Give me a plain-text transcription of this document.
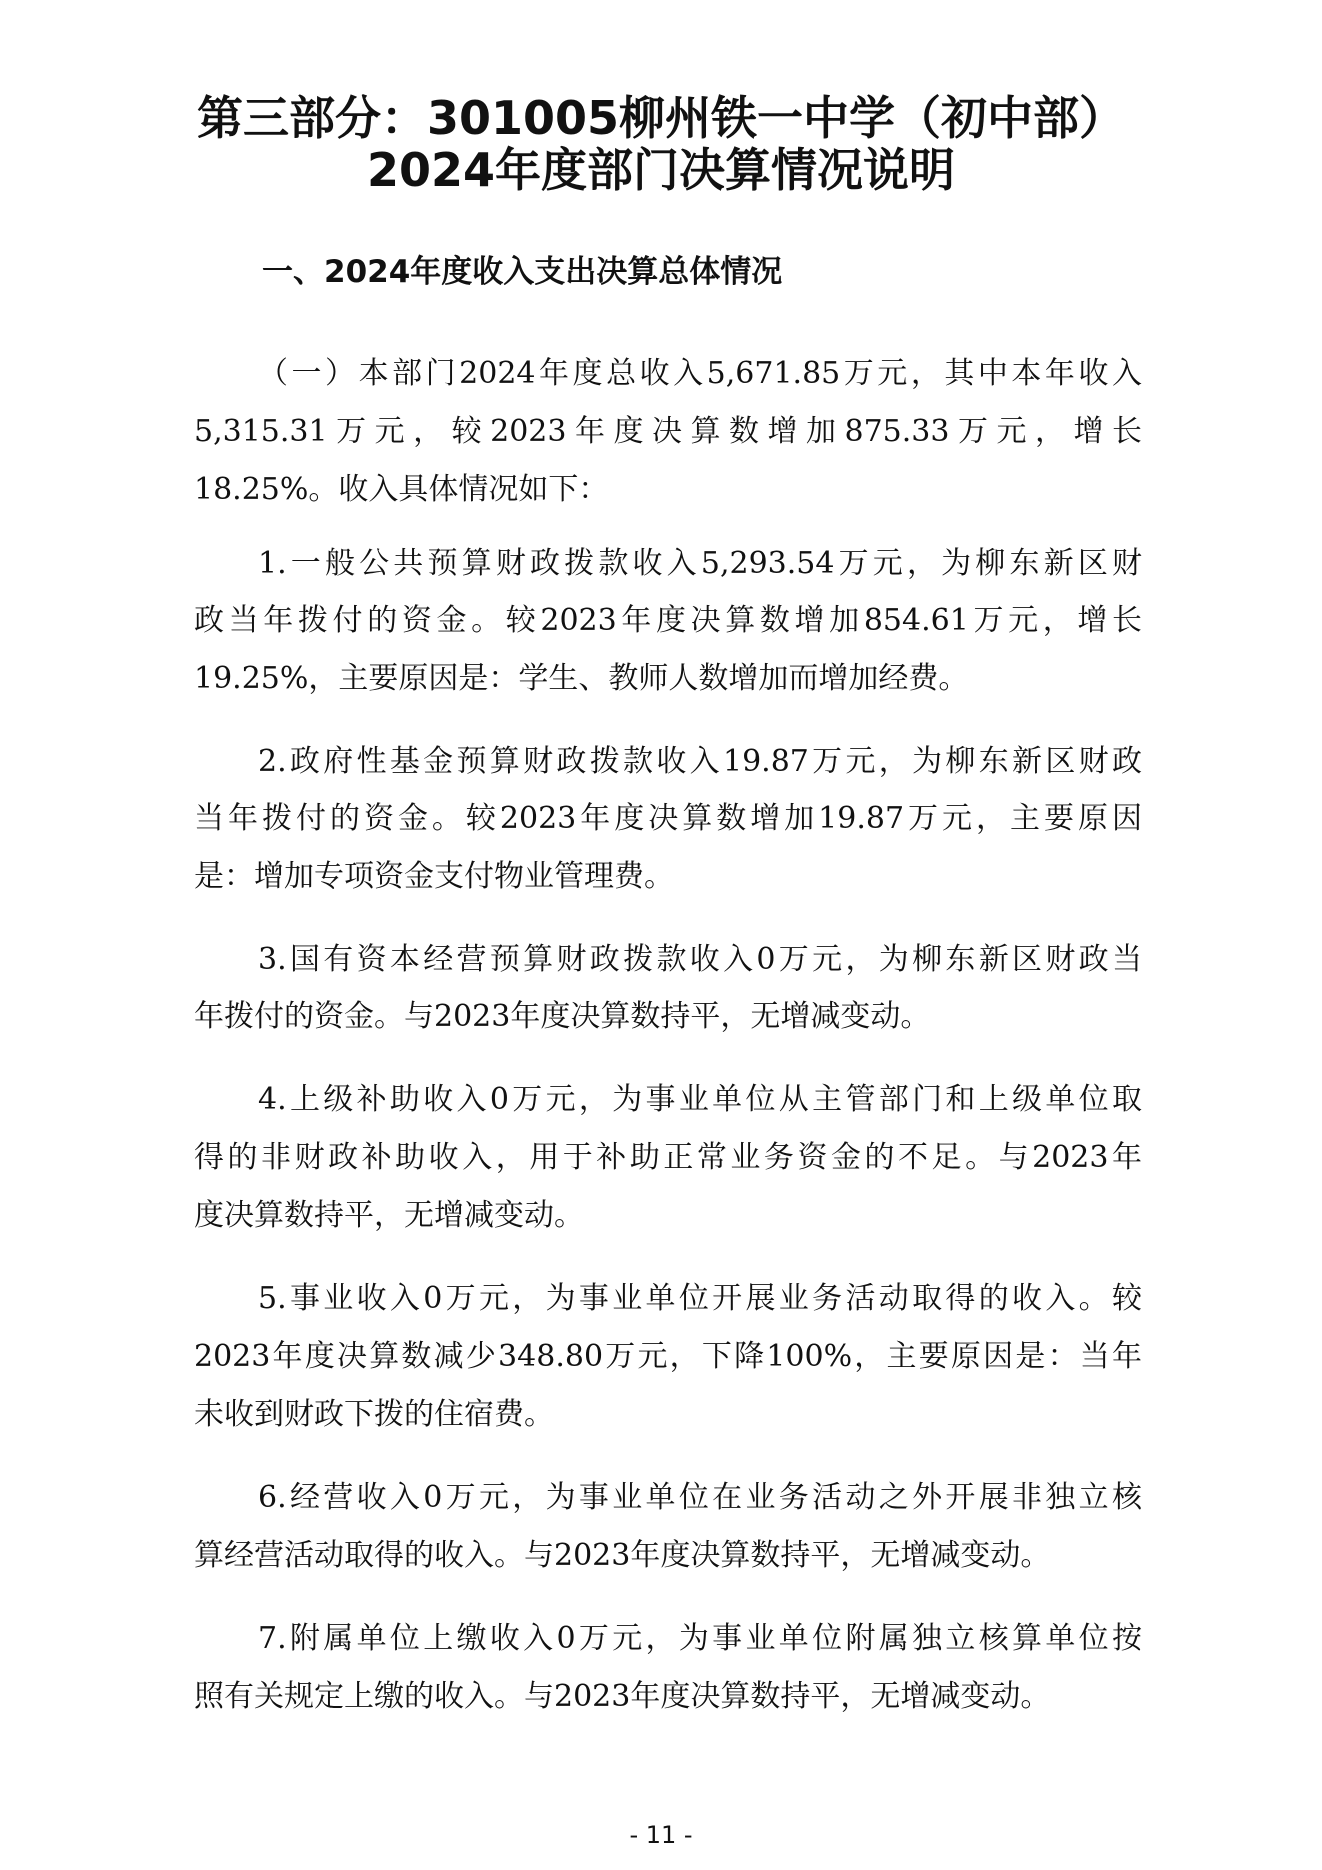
第三部分：301005柳州铁一中学（初中部）
2024年度部门决算情况说明
一、2024年度收入支出决算总体情况
（一）本部门2024年度总收入5,671.85万元，其中本年收入
5,315.31万元，较2023年度决算数增加875.33万元，增长
18.25%。收入具体情况如下：
1.一般公共预算财政拨款收入5,293.54万元，为柳东新区财
政当年拨付的资金。较2023年度决算数增加854.61万元，增长
19.25%，主要原因是：学生、教师人数增加而增加经费。
2.政府性基金预算财政拨款收入19.87万元，为柳东新区财政
当年拨付的资金。较2023年度决算数增加19.87万元，主要原因
是：增加专项资金支付物业管理费。
3.国有资本经营预算财政拨款收入0万元，为柳东新区财政当
年拨付的资金。与2023年度决算数持平，无增减变动。
4.上级补助收入0万元，为事业单位从主管部门和上级单位取
得的非财政补助收入，用于补助正常业务资金的不足。与2023年
度决算数持平，无增减变动。
5.事业收入0万元，为事业单位开展业务活动取得的收入。较
2023年度决算数减少348.80万元，下降100%，主要原因是：当年
未收到财政下拨的住宿费。
6.经营收入0万元，为事业单位在业务活动之外开展非独立核
算经营活动取得的收入。与2023年度决算数持平，无增减变动。
7.附属单位上缴收入0万元，为事业单位附属独立核算单位按
照有关规定上缴的收入。与2023年度决算数持平，无增减变动。
- 11 -
